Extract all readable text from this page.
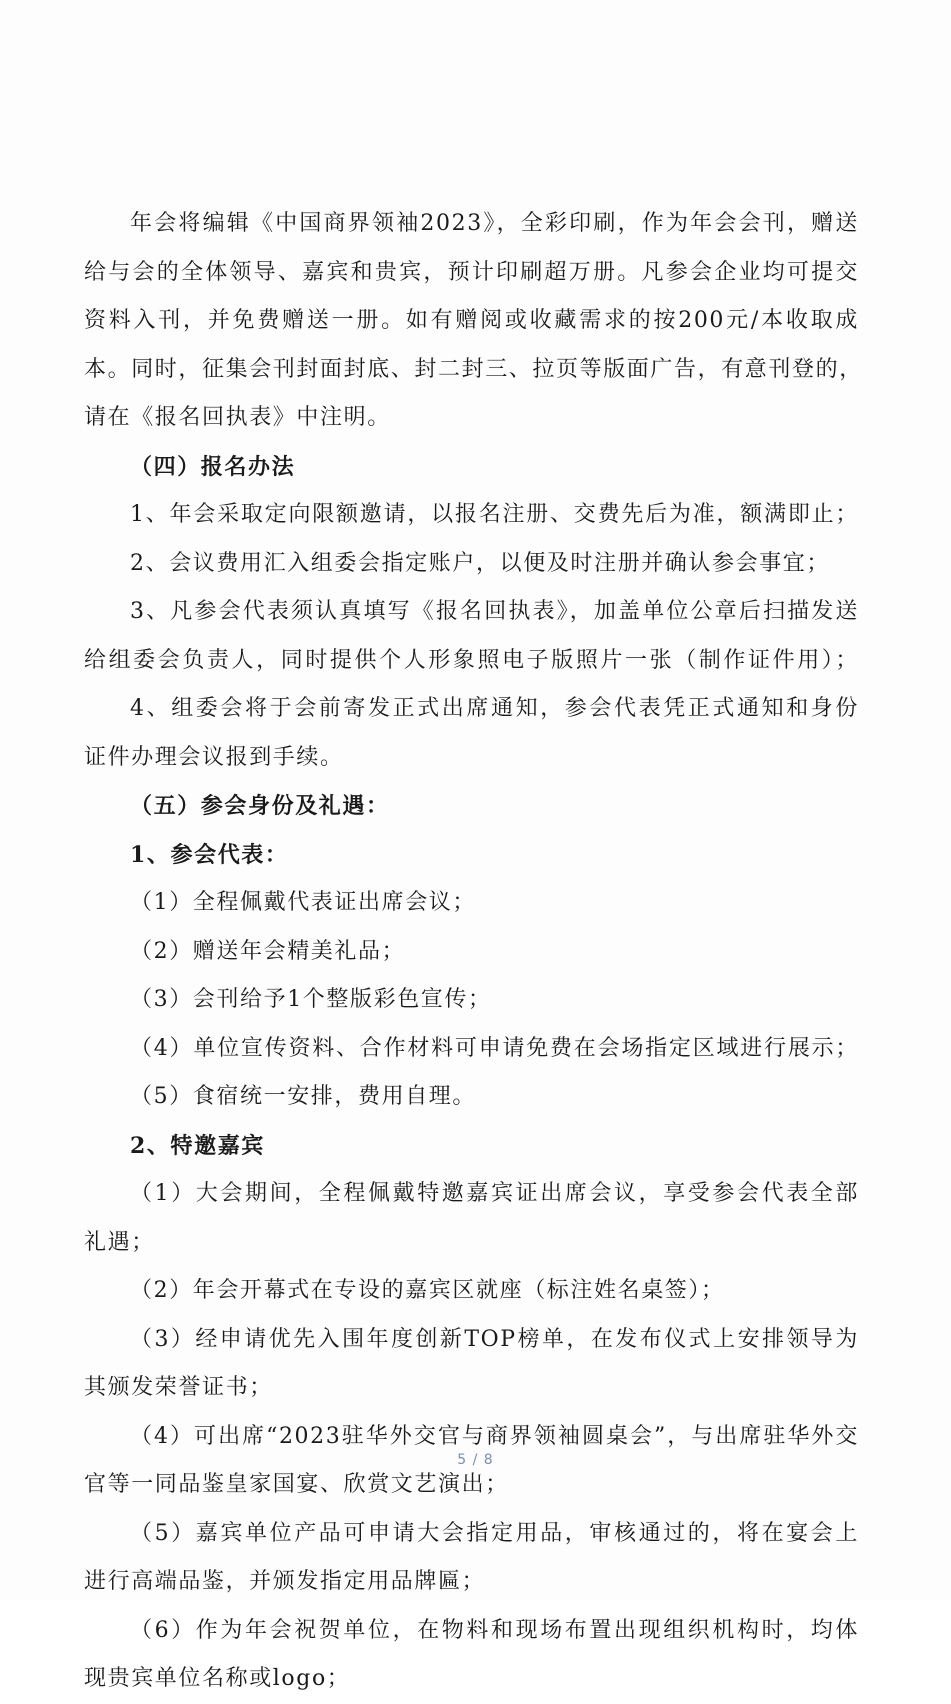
年会将编辑《中国商界领袖2023》，全彩印刷，作为年会会刊，赠送
给与会的全体领导、嘉宾和贵宾，预计印刷超万册。凡参会企业均可提交
资料入刊，并免费赠送一册。如有赠阅或收藏需求的按200元/本收取成
本。同时，征集会刊封面封底、封二封三、拉页等版面广告，有意刊登的，
请在《报名回执表》中注明。
（四）报名办法
1、年会采取定向限额邀请，以报名注册、交费先后为准，额满即止；
2、会议费用汇入组委会指定账户，以便及时注册并确认参会事宜；
3、凡参会代表须认真填写《报名回执表》，加盖单位公章后扫描发送
给组委会负责人，同时提供个人形象照电子版照片一张（制作证件用）；
4、组委会将于会前寄发正式出席通知，参会代表凭正式通知和身份
证件办理会议报到手续。
（五）参会身份及礼遇：
1、参会代表：
（1）全程佩戴代表证出席会议；
（2）赠送年会精美礼品；
（3）会刊给予1个整版彩色宣传；
（4）单位宣传资料、合作材料可申请免费在会场指定区域进行展示；
（5）食宿统一安排，费用自理。
2、特邀嘉宾
（1）大会期间，全程佩戴特邀嘉宾证出席会议，享受参会代表全部
礼遇；
（2）年会开幕式在专设的嘉宾区就座（标注姓名桌签）；
（3）经申请优先入围年度创新TOP榜单，在发布仪式上安排领导为
其颁发荣誉证书；
（4）可出席“2023驻华外交官与商界领袖圆桌会”，与出席驻华外交
官等一同品鉴皇家国宴、欣赏文艺演出；
（5）嘉宾单位产品可申请大会指定用品，审核通过的，将在宴会上
进行高端品鉴，并颁发指定用品牌匾；
（6）作为年会祝贺单位，在物料和现场布置出现组织机构时，均体
现贵宾单位名称或logo；
5 / 8
